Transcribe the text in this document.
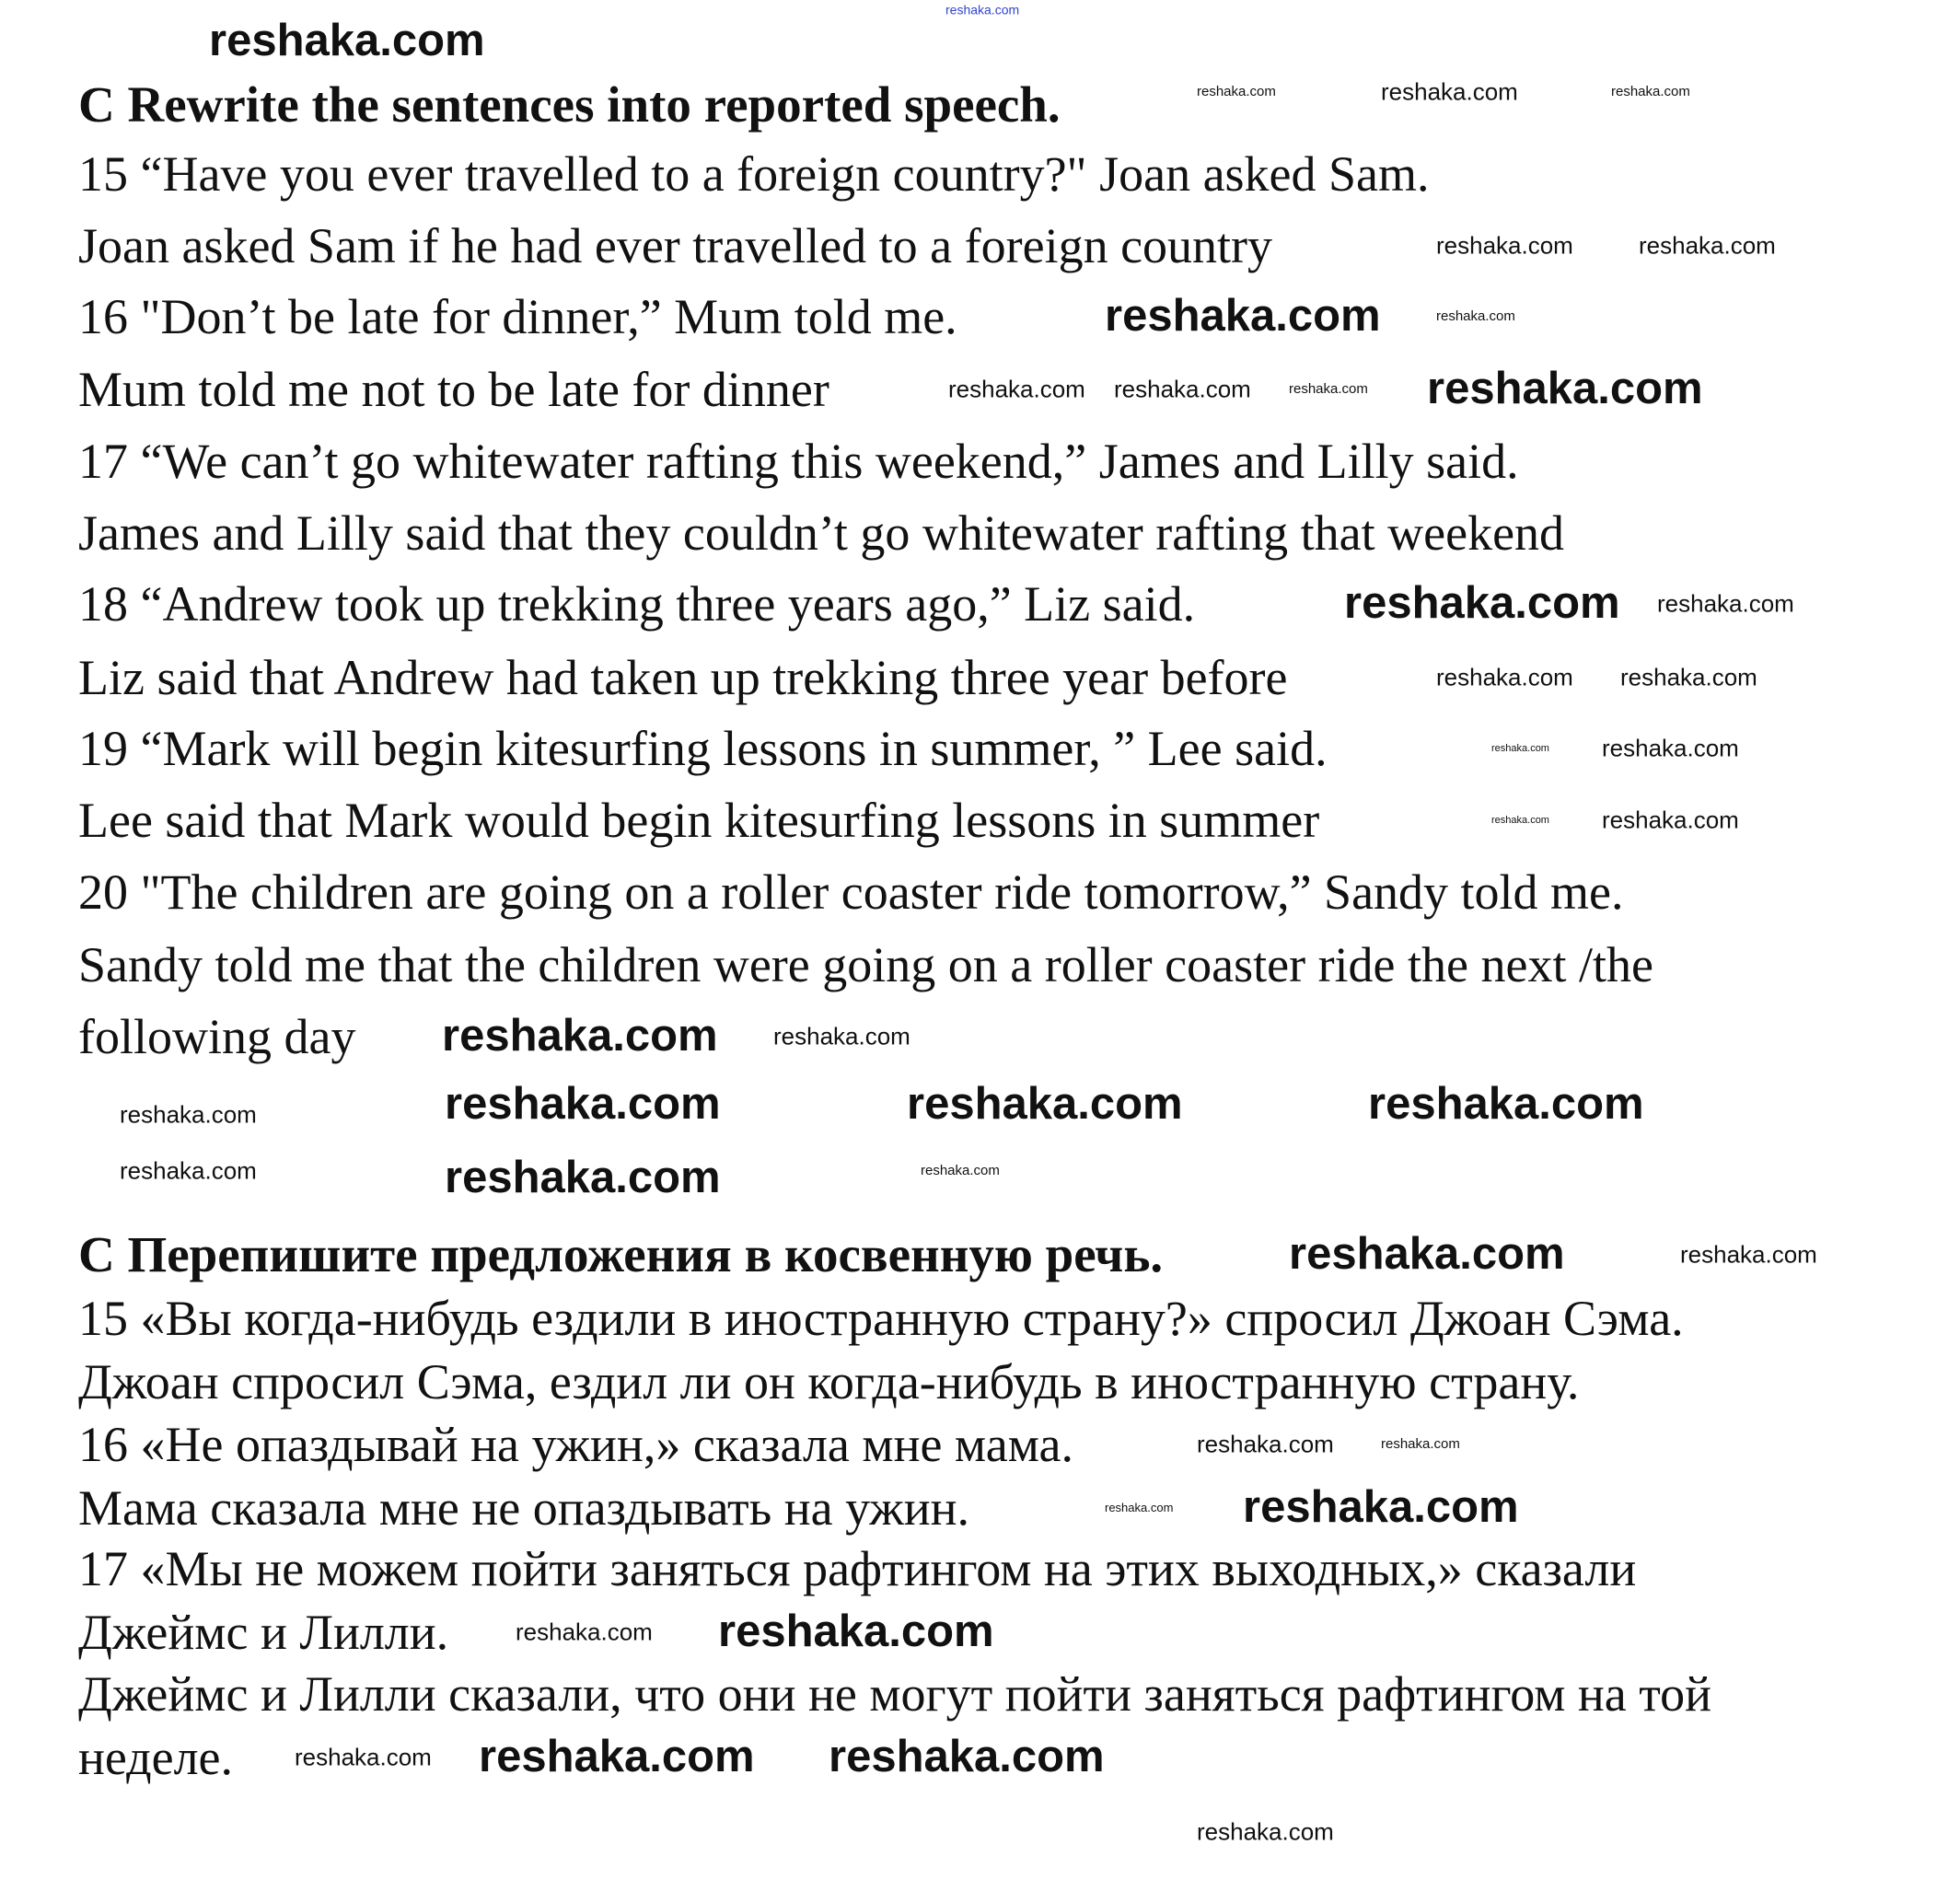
C Rewrite the sentences into reported speech.
15 “Have you ever travelled to a foreign country?" Joan asked Sam.
Joan asked Sam if he had ever travelled to a foreign country
16 "Don’t be late for dinner,” Mum told me.
Mum told me not to be late for dinner
17 “We can’t go whitewater rafting this weekend,” James and Lilly said.
James and Lilly said that they couldn’t go whitewater rafting that weekend
18 “Andrew took up trekking three years ago,” Liz said.
Liz said that Andrew had taken up trekking three year before
19 “Mark will begin kitesurfing lessons in summer, ” Lee said.
Lee said that Mark would begin kitesurfing lessons in summer
20 "The children are going on a roller coaster ride tomorrow,” Sandy told me.
Sandy told me that the children were going on a roller coaster ride the next /the
following day
С Перепишите предложения в косвенную речь.
15 «Вы когда-нибудь ездили в иностранную страну?» спросил Джоан Сэма.
Джоан спросил Сэма, ездил ли он когда-нибудь в иностранную страну.
16 «Не опаздывай на ужин,» сказала мне мама.
Мама сказала мне не опаздывать на ужин.
17 «Мы не можем пойти заняться рафтингом на этих выходных,» сказали
Джеймс и Лилли.
Джеймс и Лилли сказали, что они не могут пойти заняться рафтингом на той
неделе.
reshaka.com
reshaka.com
reshaka.com	reshaka.com	reshaka.com
reshaka.com
reshaka.com	reshaka.com
reshaka.com reshaka.com	reshaka.com reshaka.com
reshaka.com
reshaka.com reshaka.com
reshaka.com
reshaka.com
reshaka.com reshaka.com
reshaka.com reshaka.com
reshaka.com
reshaka.com
reshaka.com
reshaka.com	reshaka.com	reshaka.com
reshaka.com
reshaka.com	reshaka.com	reshaka.com
reshaka.com	reshaka.com
reshaka.com	reshaka.com
reshaka.com reshaka.com
reshaka.com reshaka.com
reshaka.com reshaka.com reshaka.com
